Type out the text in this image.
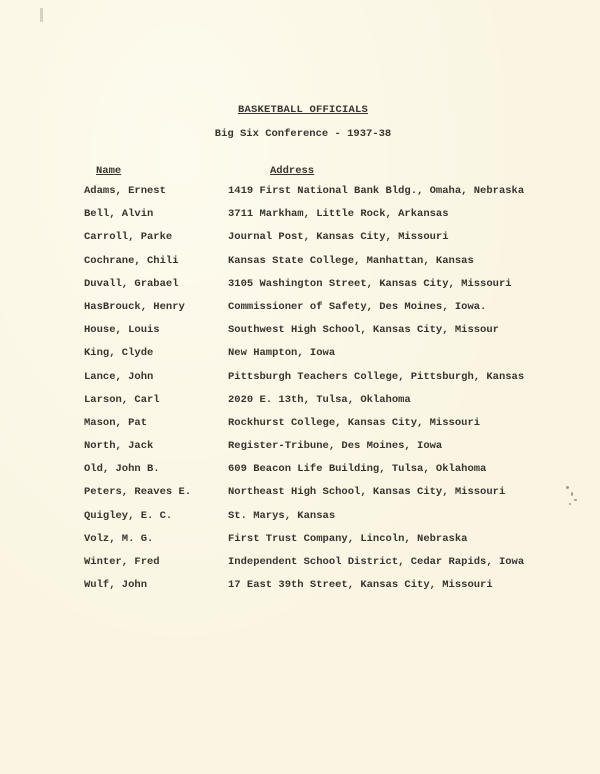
BASKETBALL OFFICIALS
Big Six Conference - 1937-38
Name	Address
Adams, Ernest	1419 First National Bank Bldg., Omaha, Nebraska
Bell, Alvin	3711 Markham, Little Rock, Arkansas
Carroll, Parke	Journal Post, Kansas City, Missouri
Cochrane, Chili	Kansas State College, Manhattan, Kansas
Duvall, Grabael	3105 Washington Street, Kansas City, Missouri
HasBrouck, Henry	Commissioner of Safety, Des Moines, Iowa.
House, Louis	Southwest High School, Kansas City, Missour
King, Clyde	New Hampton, Iowa
Lance, John	Pittsburgh Teachers College, Pittsburgh, Kansas
Larson, Carl	2020 E. 13th, Tulsa, Oklahoma
Mason, Pat	Rockhurst College, Kansas City, Missouri
North, Jack	Register-Tribune, Des Moines, Iowa
Old, John B.	609 Beacon Life Building, Tulsa, Oklahoma
Peters, Reaves E.	Northeast High School, Kansas City, Missouri
Quigley, E. C.	St. Marys, Kansas
Volz, M. G.	First Trust Company, Lincoln, Nebraska
Winter, Fred	Independent School District, Cedar Rapids, Iowa
Wulf, John	17 East 39th Street, Kansas City, Missouri
